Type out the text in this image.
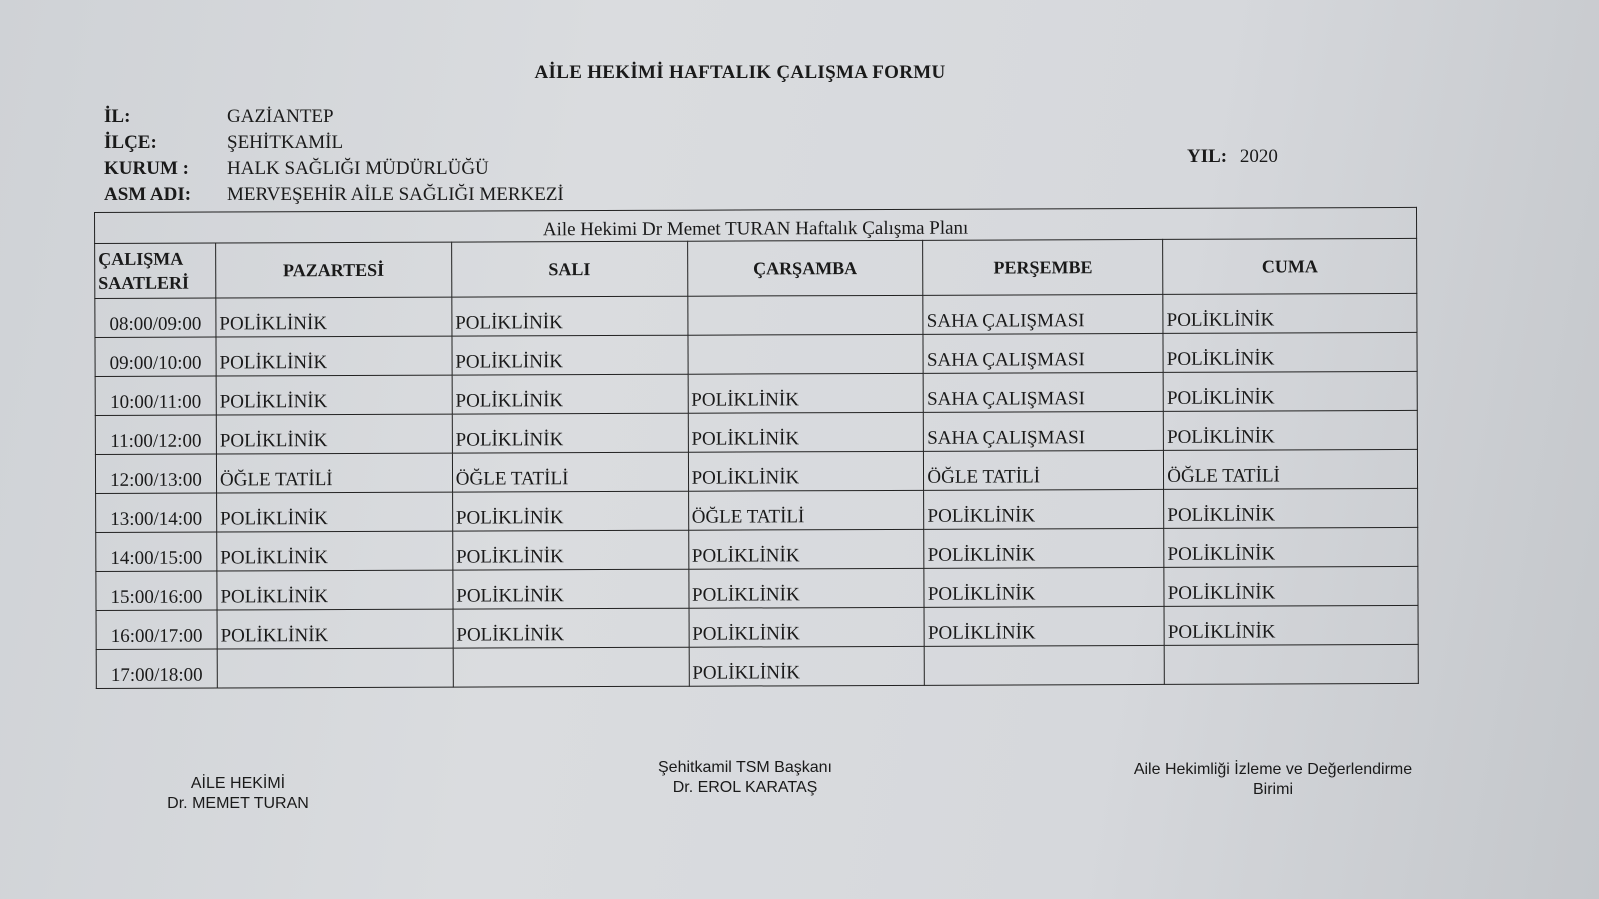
AİLE HEKİMİ HAFTALIK ÇALIŞMA FORMU
İL:	GAZİANTEP
İLÇE:	ŞEHİTKAMİL
KURUM :	HALK SAĞLIĞI MÜDÜRLÜĞÜ
ASM ADI:	MERVEŞEHİR AİLE SAĞLIĞI MERKEZİ
YIL: 2020
Aile Hekimi Dr Memet TURAN Haftalık Çalışma Planı					
ÇALIŞMA
SAATLERİ	PAZARTESİ	SALI	ÇARŞAMBA	PERŞEMBE	CUMA
08:00/09:00	POLİKLİNİK	POLİKLİNİK		SAHA ÇALIŞMASI	POLİKLİNİK
09:00/10:00	POLİKLİNİK	POLİKLİNİK		SAHA ÇALIŞMASI	POLİKLİNİK
10:00/11:00	POLİKLİNİK	POLİKLİNİK	POLİKLİNİK	SAHA ÇALIŞMASI	POLİKLİNİK
11:00/12:00	POLİKLİNİK	POLİKLİNİK	POLİKLİNİK	SAHA ÇALIŞMASI	POLİKLİNİK
12:00/13:00	ÖĞLE TATİLİ	ÖĞLE TATİLİ	POLİKLİNİK	ÖĞLE TATİLİ	ÖĞLE TATİLİ
13:00/14:00	POLİKLİNİK	POLİKLİNİK	ÖĞLE TATİLİ	POLİKLİNİK	POLİKLİNİK
14:00/15:00	POLİKLİNİK	POLİKLİNİK	POLİKLİNİK	POLİKLİNİK	POLİKLİNİK
15:00/16:00	POLİKLİNİK	POLİKLİNİK	POLİKLİNİK	POLİKLİNİK	POLİKLİNİK
16:00/17:00	POLİKLİNİK	POLİKLİNİK	POLİKLİNİK	POLİKLİNİK	POLİKLİNİK
17:00/18:00			POLİKLİNİK		
AİLE HEKİMİ
Dr. MEMET TURAN
Şehitkamil TSM Başkanı
Dr. EROL KARATAŞ
Aile Hekimliği İzleme ve Değerlendirme
Birimi
